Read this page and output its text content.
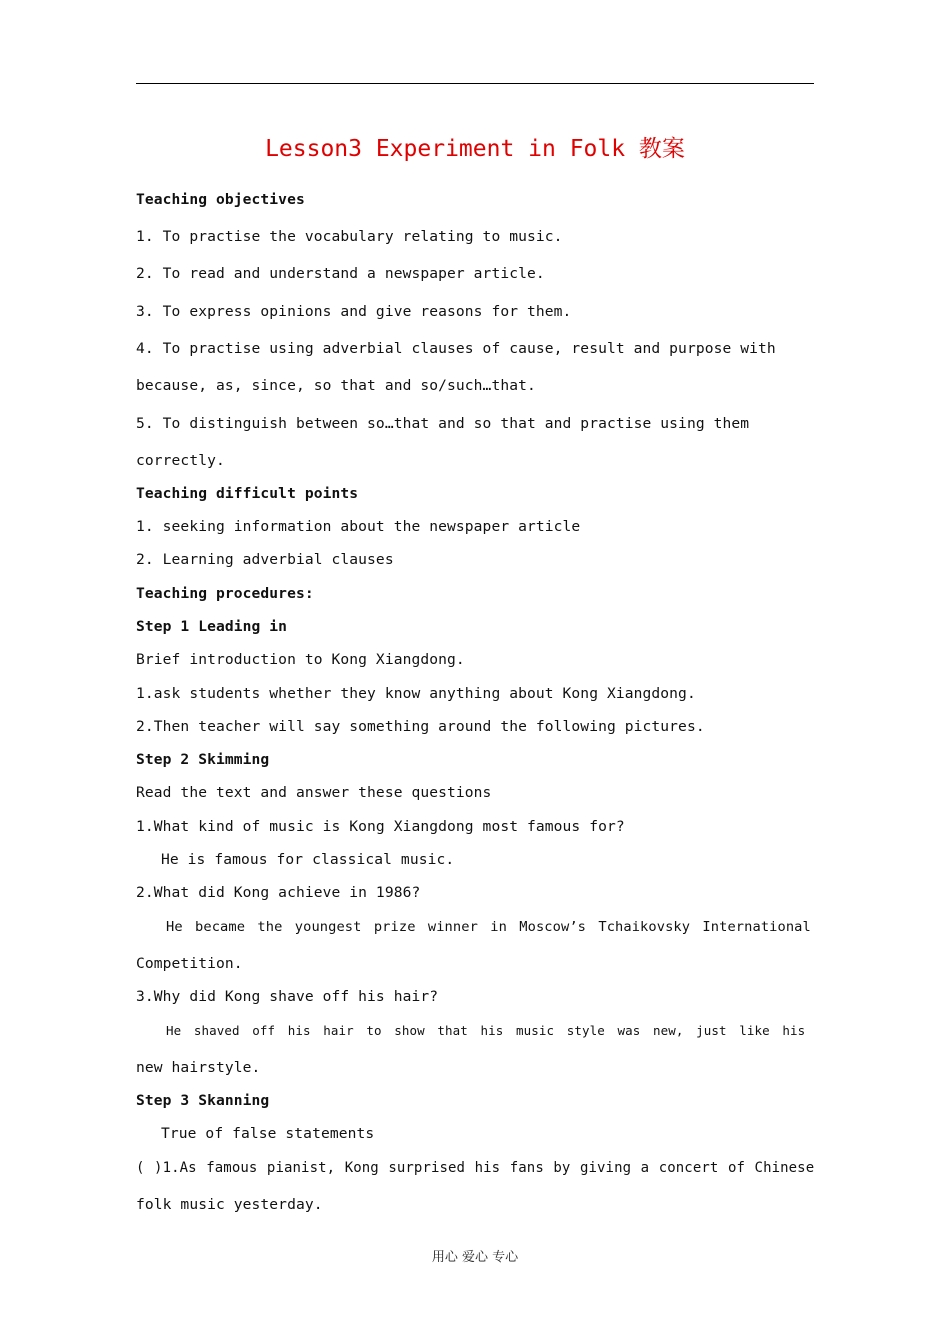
Lesson3 Experiment in Folk 教案
Teaching objectives
1. To practise the vocabulary relating to music.
2. To read and understand a newspaper article.
3. To express opinions and give reasons for them.
4. To practise using adverbial clauses of cause, result and purpose with
because, as, since, so that and so/such…that.
5. To distinguish between so…that and so that and practise using them
correctly.
Teaching difficult points
1. seeking information about the newspaper article
2. Learning adverbial clauses
Teaching procedures:
Step 1 Leading in
Brief introduction to Kong Xiangdong.
1.ask students whether they know anything about Kong Xiangdong.
2.Then teacher will say something around the following pictures.
Step 2 Skimming
Read the text and answer these questions
1.What kind of music is Kong Xiangdong most famous for?
He is famous for classical music.
2.What did Kong achieve in 1986?
He became the youngest prize winner in Moscow’s Tchaikovsky International
Competition.
3.Why did Kong shave off his hair?
He shaved off his hair to show that his music style was new, just like his
new hairstyle.
Step 3 Skanning
True of false statements
( )1.As famous pianist, Kong surprised his fans by giving a concert of Chinese
folk music yesterday.
用心 爱心 专心
